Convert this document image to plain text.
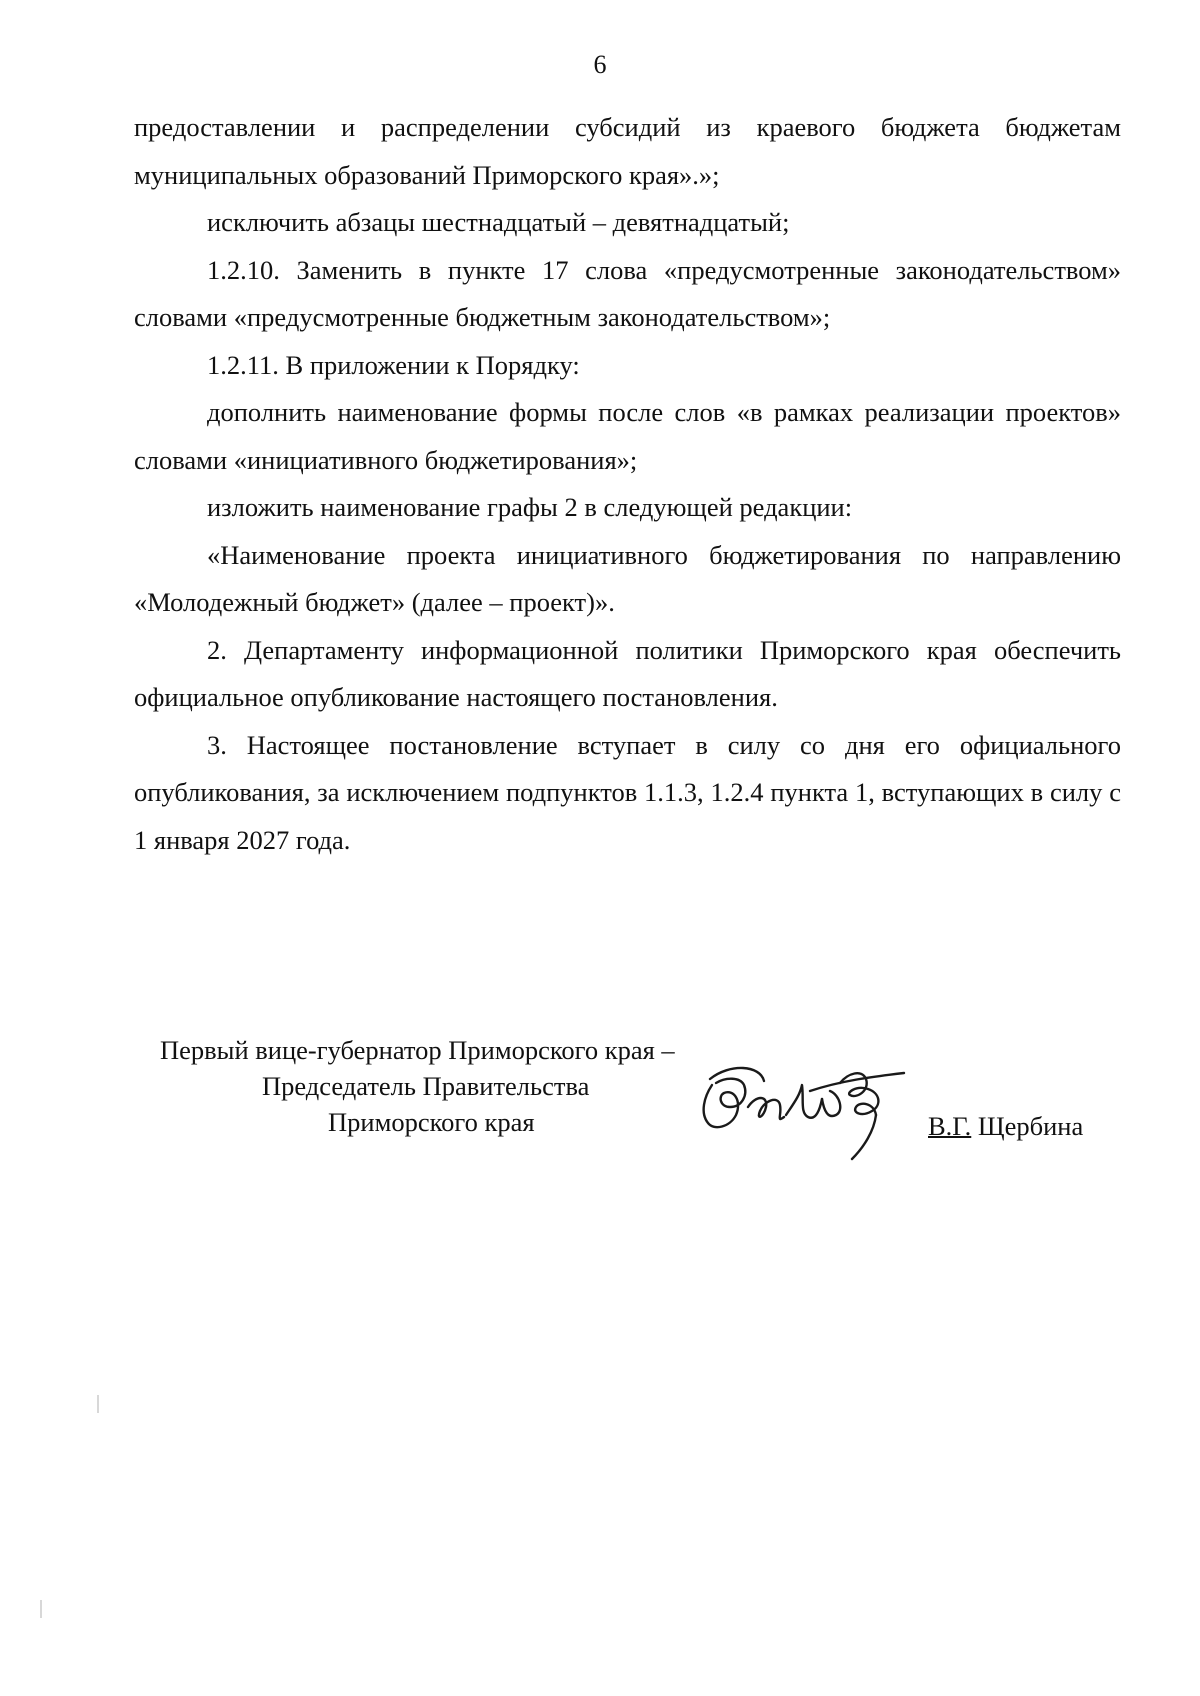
6

предоставлении и распределении субсидий из краевого бюджета бюджетам муниципальных образований Приморского края».»;

исключить абзацы шестнадцатый – девятнадцатый;

1.2.10. Заменить в пункте 17 слова «предусмотренные законодательством» словами «предусмотренные бюджетным законодательством»;

1.2.11. В приложении к Порядку:

дополнить наименование формы после слов «в рамках реализации проектов» словами «инициативного бюджетирования»;

изложить наименование графы 2 в следующей редакции:

«Наименование проекта инициативного бюджетирования по направлению «Молодежный бюджет» (далее – проект)».

2. Департаменту информационной политики Приморского края обеспечить официальное опубликование настоящего постановления.

3. Настоящее постановление вступает в силу со дня его официального опубликования, за исключением подпунктов 1.1.3, 1.2.4 пункта 1, вступающих в силу с 1 января 2027 года.

Первый вице-губернатор Приморского края –
Председатель Правительства
Приморского края	В.Г. Щербина
